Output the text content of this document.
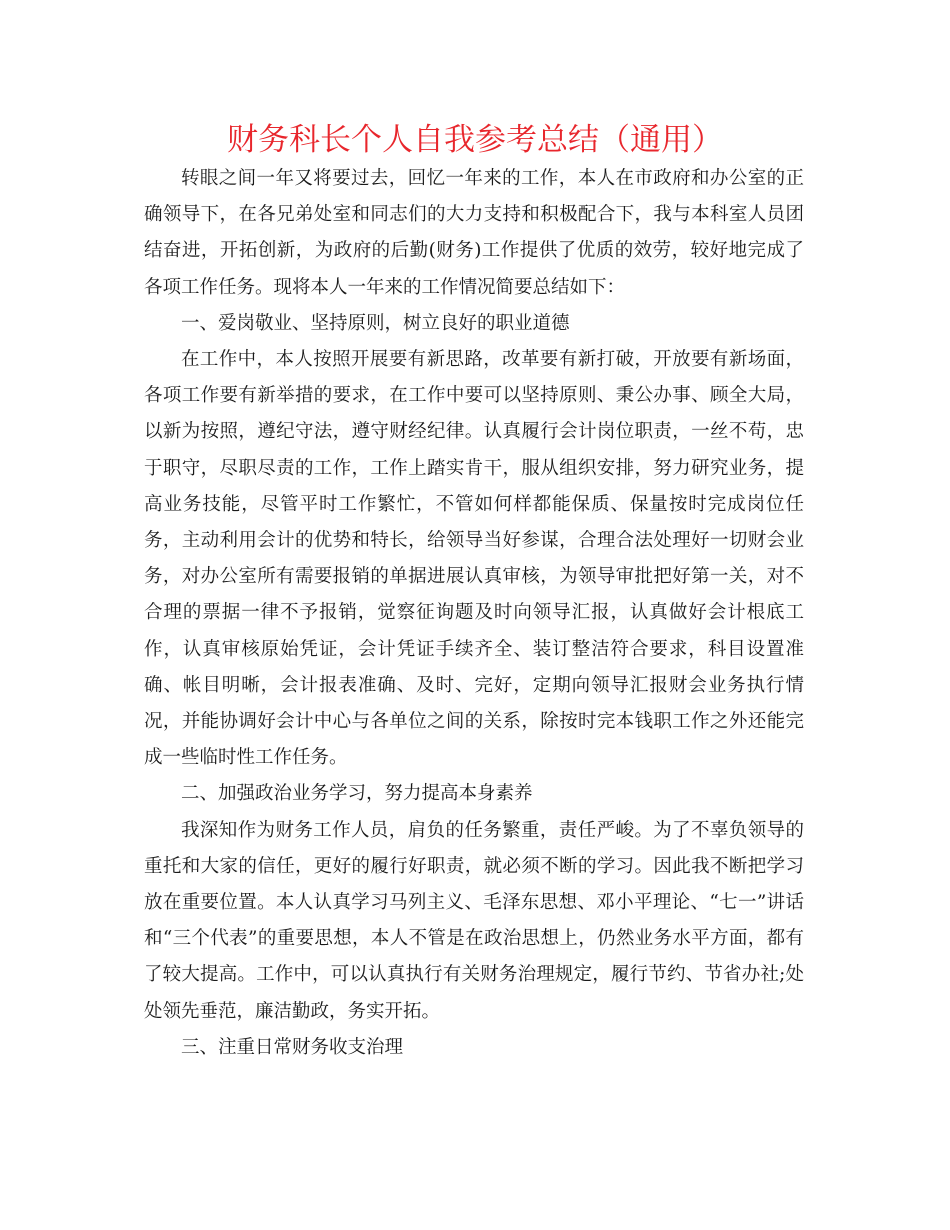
财务科长个人自我参考总结（通用）

转眼之间一年又将要过去，回忆一年来的工作，本人在市政府和办公室的正确领导下，在各兄弟处室和同志们的大力支持和积极配合下，我与本科室人员团结奋进，开拓创新，为政府的后勤(财务)工作提供了优质的效劳，较好地完成了各项工作任务。现将本人一年来的工作情况简要总结如下：

一、爱岗敬业、坚持原则，树立良好的职业道德

在工作中，本人按照开展要有新思路，改革要有新打破，开放要有新场面，各项工作要有新举措的要求，在工作中要可以坚持原则、秉公办事、顾全大局，以新为按照，遵纪守法，遵守财经纪律。认真履行会计岗位职责，一丝不苟，忠于职守，尽职尽责的工作，工作上踏实肯干，服从组织安排，努力研究业务，提高业务技能，尽管平时工作繁忙，不管如何样都能保质、保量按时完成岗位任务，主动利用会计的优势和特长，给领导当好参谋，合理合法处理好一切财会业务，对办公室所有需要报销的单据进展认真审核，为领导审批把好第一关，对不合理的票据一律不予报销，觉察征询题及时向领导汇报，认真做好会计根底工作，认真审核原始凭证，会计凭证手续齐全、装订整洁符合要求，科目设置准确、帐目明晰，会计报表准确、及时、完好，定期向领导汇报财会业务执行情况，并能协调好会计中心与各单位之间的关系，除按时完本钱职工作之外还能完成一些临时性工作任务。

二、加强政治业务学习，努力提高本身素养

我深知作为财务工作人员，肩负的任务繁重，责任严峻。为了不辜负领导的重托和大家的信任，更好的履行好职责，就必须不断的学习。因此我不断把学习放在重要位置。本人认真学习马列主义、毛泽东思想、邓小平理论、“七一”讲话和“三个代表”的重要思想，本人不管是在政治思想上，仍然业务水平方面，都有了较大提高。工作中，可以认真执行有关财务治理规定，履行节约、节省办社;处处领先垂范，廉洁勤政，务实开拓。

三、注重日常财务收支治理
